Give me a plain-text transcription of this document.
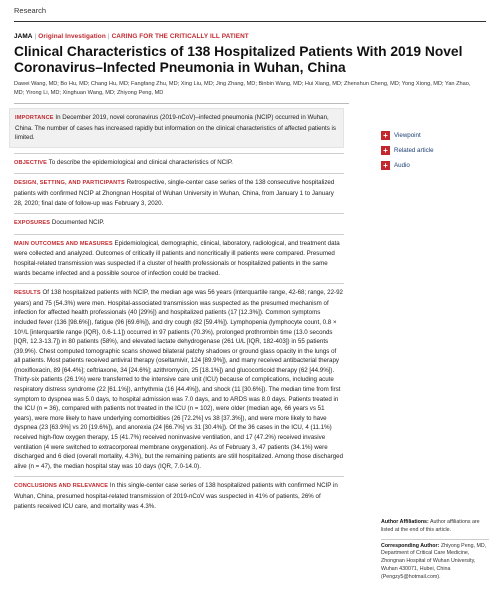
Research
JAMA | Original Investigation | CARING FOR THE CRITICALLY ILL PATIENT
Clinical Characteristics of 138 Hospitalized Patients With 2019 Novel Coronavirus–Infected Pneumonia in Wuhan, China
Dawei Wang, MD; Bo Hu, MD; Chang Hu, MD; Fangfang Zhu, MD; Xing Liu, MD; Jing Zhang, MD; Binbin Wang, MD; Hui Xiang, MD; Zhenshun Cheng, MD; Yong Xiong, MD; Yan Zhao, MD; Yirong Li, MD; Xinghuan Wang, MD; Zhiyong Peng, MD
IMPORTANCE In December 2019, novel coronavirus (2019-nCoV)–infected pneumonia (NCIP) occurred in Wuhan, China. The number of cases has increased rapidly but information on the clinical characteristics of affected patients is limited.
OBJECTIVE To describe the epidemiological and clinical characteristics of NCIP.
DESIGN, SETTING, AND PARTICIPANTS Retrospective, single-center case series of the 138 consecutive hospitalized patients with confirmed NCIP at Zhongnan Hospital of Wuhan University in Wuhan, China, from January 1 to January 28, 2020; final date of follow-up was February 3, 2020.
EXPOSURES Documented NCIP.
MAIN OUTCOMES AND MEASURES Epidemiological, demographic, clinical, laboratory, radiological, and treatment data were collected and analyzed. Outcomes of critically ill patients and noncritically ill patients were compared. Presumed hospital-related transmission was suspected if a cluster of health professionals or hospitalized patients in the same wards became infected and a possible source of infection could be tracked.
RESULTS Of 138 hospitalized patients with NCIP, the median age was 56 years (interquartile range, 42-68; range, 22-92 years) and 75 (54.3%) were men. Hospital-associated transmission was suspected as the presumed mechanism of infection for affected health professionals (40 [29%]) and hospitalized patients (17 [12.3%]). Common symptoms included fever (136 [98.6%]), fatigue (96 [69.6%]), and dry cough (82 [59.4%]). Lymphopenia (lymphocyte count, 0.8 × 10⁹/L [interquartile range {IQR}, 0.6-1.1]) occurred in 97 patients (70.3%), prolonged prothrombin time (13.0 seconds [IQR, 12.3-13.7]) in 80 patients (58%), and elevated lactate dehydrogenase (261 U/L [IQR, 182-403]) in 55 patients (39.9%). Chest computed tomographic scans showed bilateral patchy shadows or ground glass opacity in the lungs of all patients. Most patients received antiviral therapy (oseltamivir, 124 [89.9%]), and many received antibacterial therapy (moxifloxacin, 89 [64.4%]; ceftriaxone, 34 [24.6%]; azithromycin, 25 [18.1%]) and glucocorticoid therapy (62 [44.9%]). Thirty-six patients (26.1%) were transferred to the intensive care unit (ICU) because of complications, including acute respiratory distress syndrome (22 [61.1%]), arrhythmia (16 [44.4%]), and shock (11 [30.6%]). The median time from first symptom to dyspnea was 5.0 days, to hospital admission was 7.0 days, and to ARDS was 8.0 days. Patients treated in the ICU (n = 36), compared with patients not treated in the ICU (n = 102), were older (median age, 66 years vs 51 years), were more likely to have underlying comorbidities (26 [72.2%] vs 38 [37.3%]), and were more likely to have dyspnea (23 [63.9%] vs 20 [19.6%]), and anorexia (24 [66.7%] vs 31 [30.4%]). Of the 36 cases in the ICU, 4 (11.1%) received high-flow oxygen therapy, 15 (41.7%) received noninvasive ventilation, and 17 (47.2%) received invasive ventilation (4 were switched to extracorporeal membrane oxygenation). As of February 3, 47 patients (34.1%) were discharged and 6 died (overall mortality, 4.3%), but the remaining patients are still hospitalized. Among those discharged alive (n = 47), the median hospital stay was 10 days (IQR, 7.0-14.0).
CONCLUSIONS AND RELEVANCE In this single-center case series of 138 hospitalized patients with confirmed NCIP in Wuhan, China, presumed hospital-related transmission of 2019-nCoV was suspected in 41% of patients, 26% of patients received ICU care, and mortality was 4.3%.
+ Viewpoint
+ Related article
+ Audio
Author Affiliations: Author affiliations are listed at the end of this article.
Corresponding Author: Zhiyong Peng, MD, Department of Critical Care Medicine, Zhongnan Hospital of Wuhan University, Wuhan 430071, Hubei, China (Pengzy5@hotmail.com).
